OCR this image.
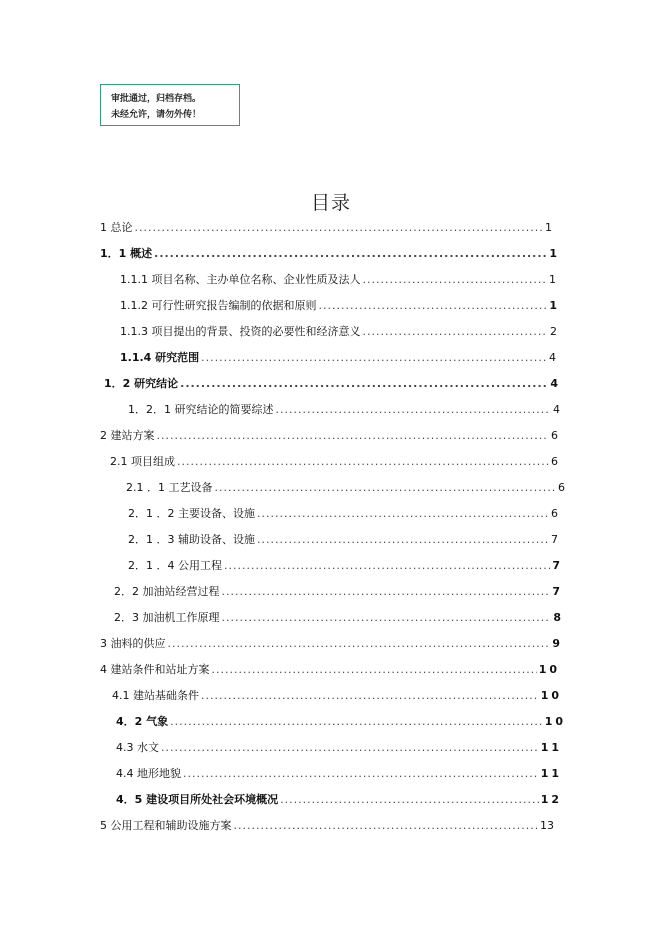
审批通过，归档存档。
未经允许，请勿外传！
目录
1 总论 .....	1
1．1 概述 .....	1
1.1.1 项目名称、主办单位名称、企业性质及法人 .....	1
1.1.2 可行性研究报告编制的依据和原则 .....	1
1.1.3 项目提出的背景、投资的必要性和经济意义 .....	2
1.1.4 研究范围 .....	4
1．2 研究结论 .....	4
1．2．1 研究结论的简要综述 .....	4
2 建站方案 .....	6
2.1 项目组成 .....	6
2.1 ．1 工艺设备 .....	6
2．1 ．2 主要设备、设施 .....	6
2．1 ．3 辅助设备、设施 .....	7
2．1 ．4 公用工程 .....	7
2．2 加油站经营过程 .....	7
2．3 加油机工作原理 .....	8
3 油料的供应 .....	9
4 建站条件和站址方案 .....	10
4.1 建站基础条件 .....	10
4．2 气象 .....	10
4.3 水文 .....	11
4.4 地形地貌 .....	11
4．5 建设项目所处社会环境概况 .....	12
5 公用工程和辅助设施方案 .....	13
